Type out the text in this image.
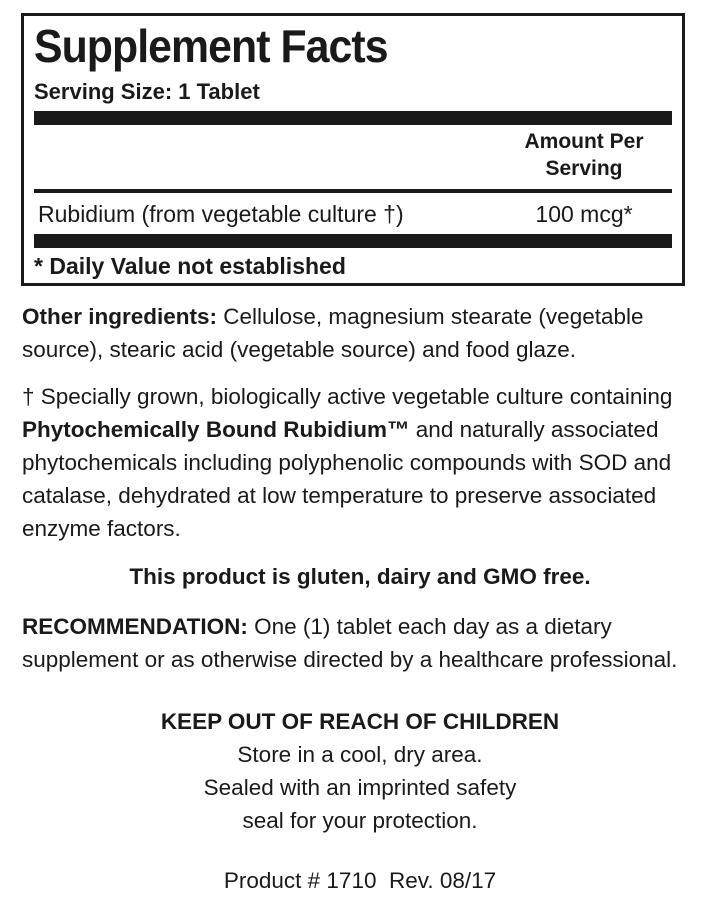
Supplement Facts
Serving Size: 1 Tablet
Amount Per
Serving
Rubidium (from vegetable culture †)	100 mcg*
* Daily Value not established

Other ingredients: Cellulose, magnesium stearate (vegetable source), stearic acid (vegetable source) and food glaze.

† Specially grown, biologically active vegetable culture containing Phytochemically Bound Rubidium™ and naturally associated phytochemicals including polyphenolic compounds with SOD and catalase, dehydrated at low temperature to preserve associated enzyme factors.

This product is gluten, dairy and GMO free.

RECOMMENDATION: One (1) tablet each day as a dietary supplement or as otherwise directed by a healthcare professional.

KEEP OUT OF REACH OF CHILDREN
Store in a cool, dry area.
Sealed with an imprinted safety
seal for your protection.
Product # 1710  Rev. 08/17
